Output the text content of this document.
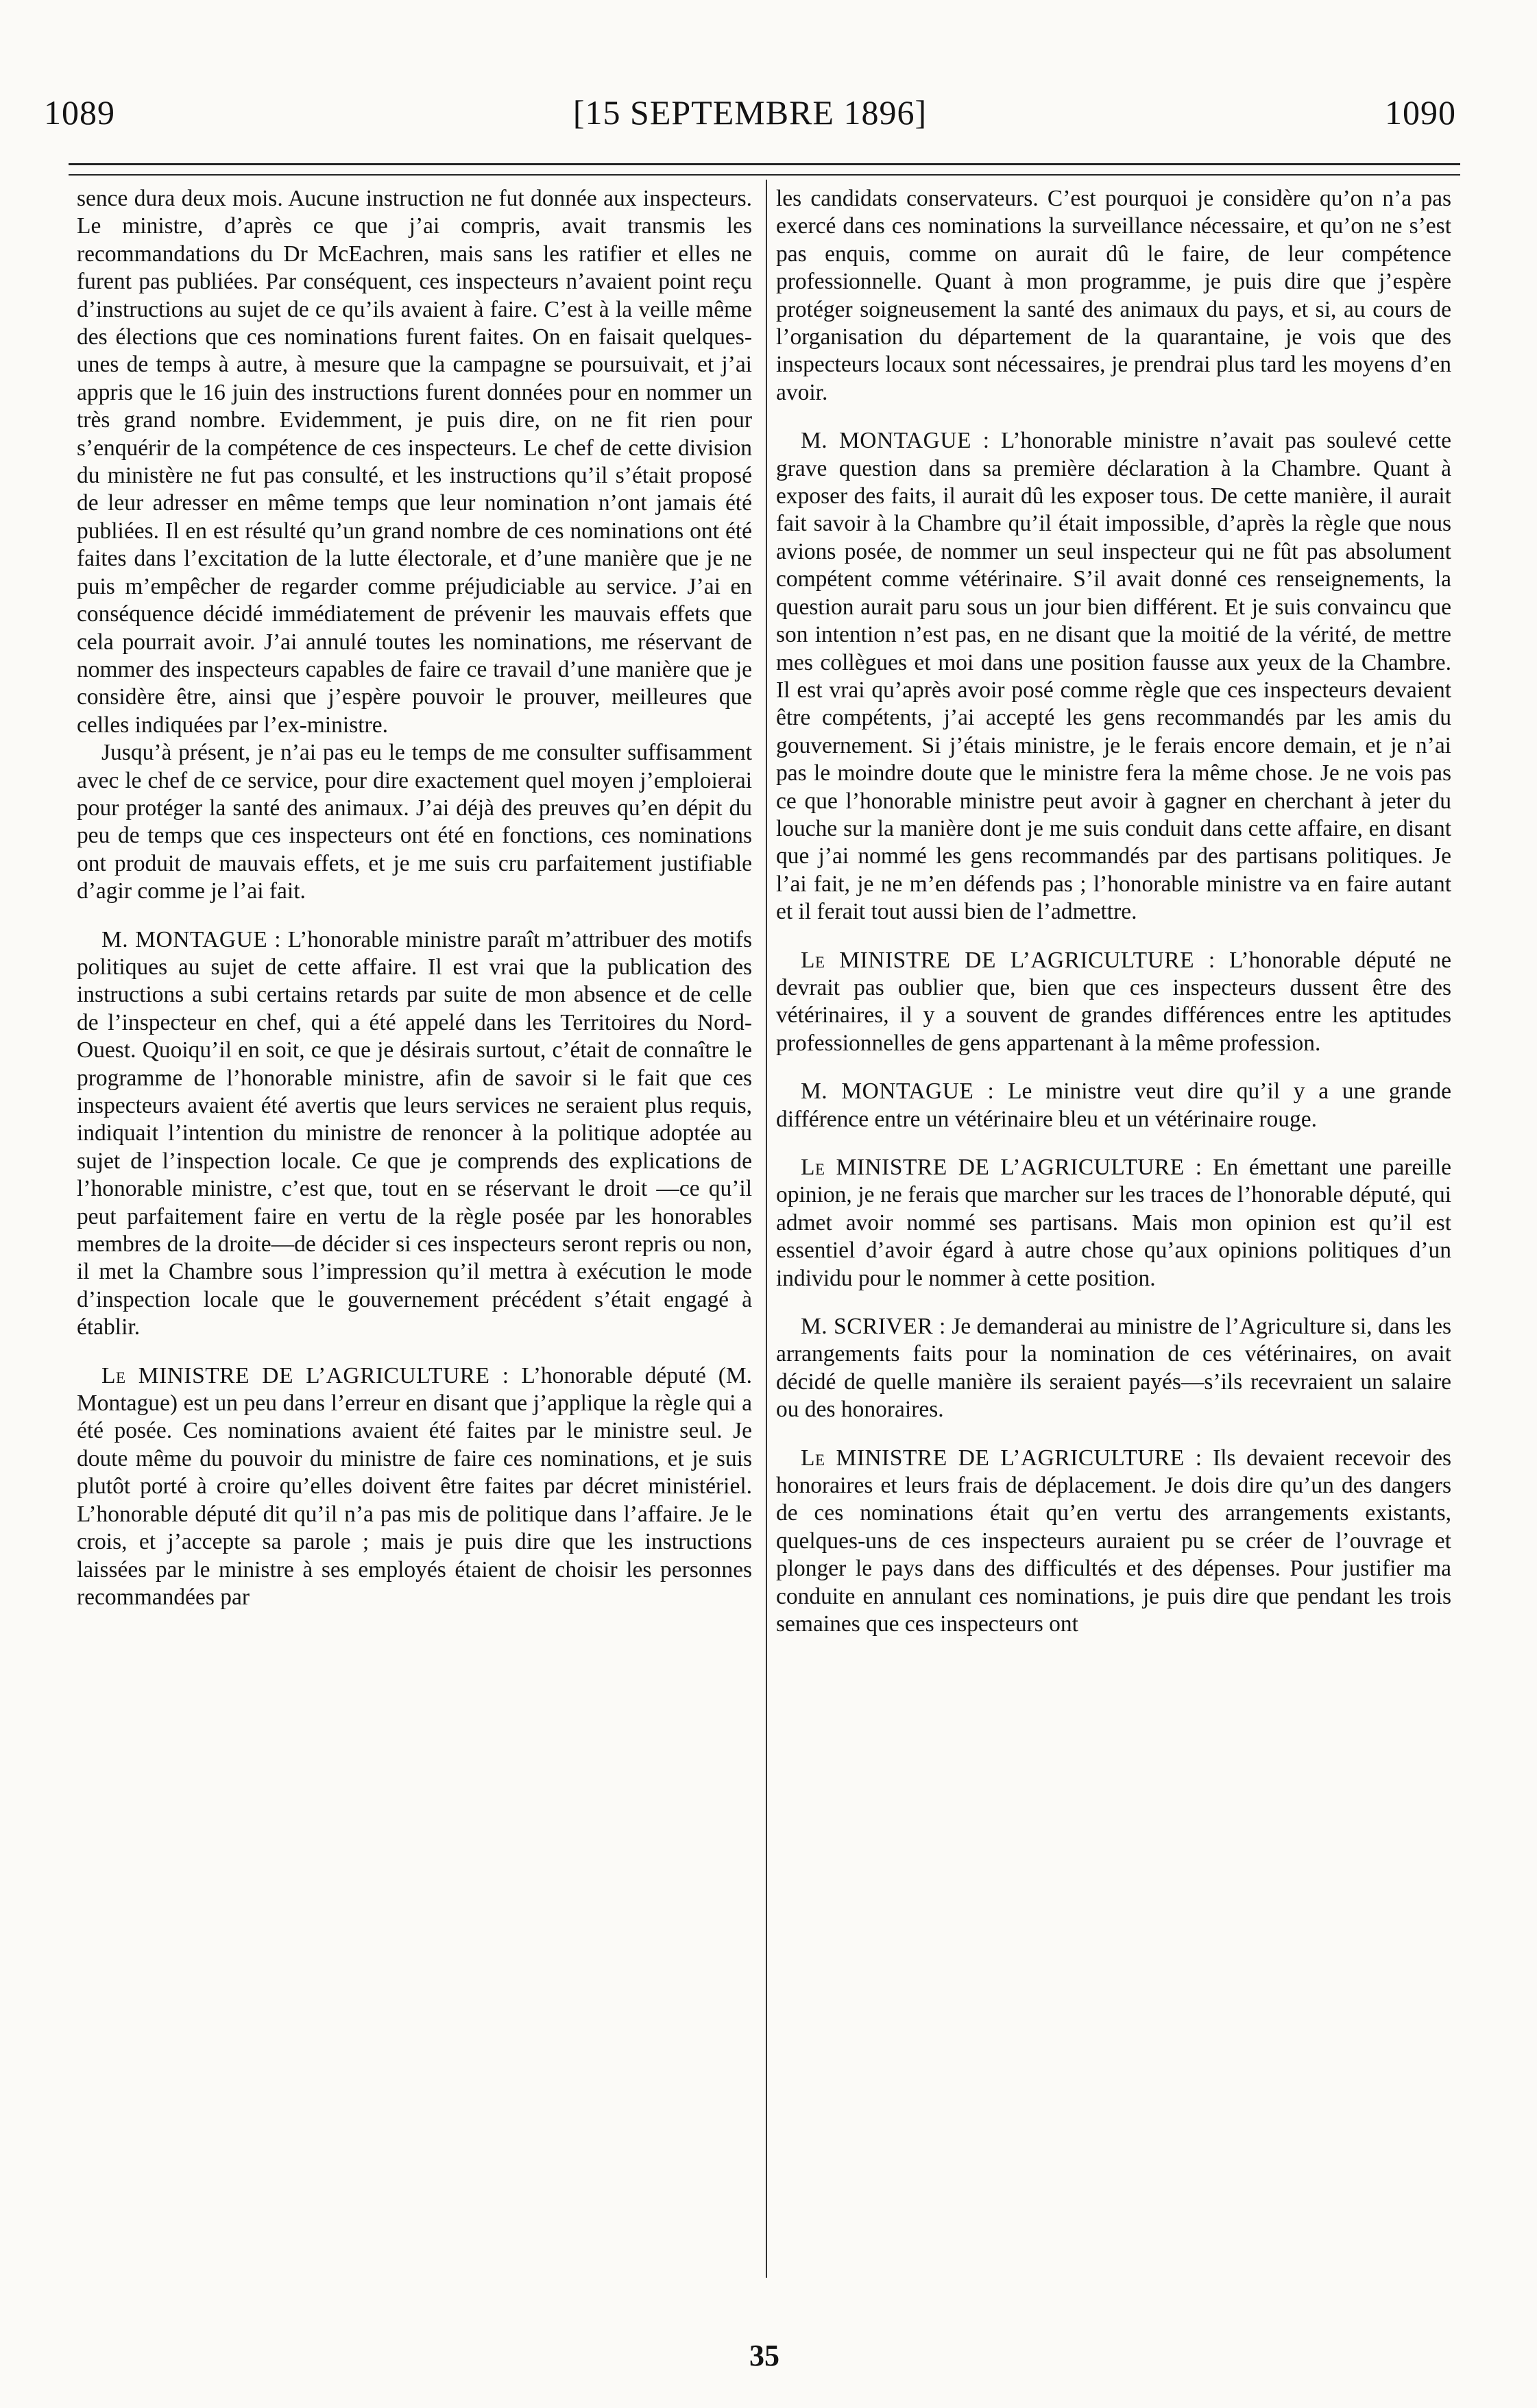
1089	[15 SEPTEMBRE 1896]	1090

sence dura deux mois. Aucune instruction ne fut donnée aux inspecteurs. Le ministre, d’après ce que j’ai compris, avait transmis les recommandations du Dr McEachren, mais sans les ratifier et elles ne furent pas publiées. Par conséquent, ces inspecteurs n’avaient point reçu d’instructions au sujet de ce qu’ils avaient à faire. C’est à la veille même des élections que ces nominations furent faites. On en faisait quelques-unes de temps à autre, à mesure que la campagne se poursuivait, et j’ai appris que le 16 juin des instructions furent données pour en nommer un très grand nombre. Evidemment, je puis dire, on ne fit rien pour s’enquérir de la compétence de ces inspecteurs. Le chef de cette division du ministère ne fut pas consulté, et les instructions qu’il s’était proposé de leur adresser en même temps que leur nomination n’ont jamais été publiées. Il en est résulté qu’un grand nombre de ces nominations ont été faites dans l’excitation de la lutte électorale, et d’une manière que je ne puis m’empêcher de regarder comme préjudiciable au service. J’ai en conséquence décidé immédiatement de prévenir les mauvais effets que cela pourrait avoir. J’ai annulé toutes les nominations, me réservant de nommer des inspecteurs capables de faire ce travail d’une manière que je considère être, ainsi que j’espère pouvoir le prouver, meilleures que celles indiquées par l’ex-ministre.

Jusqu’à présent, je n’ai pas eu le temps de me consulter suffisamment avec le chef de ce service, pour dire exactement quel moyen j’emploierai pour protéger la santé des animaux. J’ai déjà des preuves qu’en dépit du peu de temps que ces inspecteurs ont été en fonctions, ces nominations ont produit de mauvais effets, et je me suis cru parfaitement justifiable d’agir comme je l’ai fait.

M. MONTAGUE : L’honorable ministre paraît m’attribuer des motifs politiques au sujet de cette affaire. Il est vrai que la publication des instructions a subi certains retards par suite de mon absence et de celle de l’inspecteur en chef, qui a été appelé dans les Territoires du Nord-Ouest. Quoiqu’il en soit, ce que je désirais surtout, c’était de connaître le programme de l’honorable ministre, afin de savoir si le fait que ces inspecteurs avaient été avertis que leurs services ne seraient plus requis, indiquait l’intention du ministre de renoncer à la politique adoptée au sujet de l’inspection locale. Ce que je comprends des explications de l’honorable ministre, c’est que, tout en se réservant le droit —ce qu’il peut parfaitement faire en vertu de la règle posée par les honorables membres de la droite—de décider si ces inspecteurs seront repris ou non, il met la Chambre sous l’impression qu’il mettra à exécution le mode d’inspection locale que le gouvernement précédent s’était engagé à établir.

Le MINISTRE DE L’AGRICULTURE : L’honorable député (M. Montague) est un peu dans l’erreur en disant que j’applique la règle qui a été posée. Ces nominations avaient été faites par le ministre seul. Je doute même du pouvoir du ministre de faire ces nominations, et je suis plutôt porté à croire qu’elles doivent être faites par décret ministériel. L’honorable député dit qu’il n’a pas mis de politique dans l’affaire. Je le crois, et j’accepte sa parole ; mais je puis dire que les instructions laissées par le ministre à ses employés étaient de choisir les personnes recommandées par

les candidats conservateurs. C’est pourquoi je considère qu’on n’a pas exercé dans ces nominations la surveillance nécessaire, et qu’on ne s’est pas enquis, comme on aurait dû le faire, de leur compétence professionnelle. Quant à mon programme, je puis dire que j’espère protéger soigneusement la santé des animaux du pays, et si, au cours de l’organisation du département de la quarantaine, je vois que des inspecteurs locaux sont nécessaires, je prendrai plus tard les moyens d’en avoir.

M. MONTAGUE : L’honorable ministre n’avait pas soulevé cette grave question dans sa première déclaration à la Chambre. Quant à exposer des faits, il aurait dû les exposer tous. De cette manière, il aurait fait savoir à la Chambre qu’il était impossible, d’après la règle que nous avions posée, de nommer un seul inspecteur qui ne fût pas absolument compétent comme vétérinaire. S’il avait donné ces renseignements, la question aurait paru sous un jour bien différent. Et je suis convaincu que son intention n’est pas, en ne disant que la moitié de la vérité, de mettre mes collègues et moi dans une position fausse aux yeux de la Chambre. Il est vrai qu’après avoir posé comme règle que ces inspecteurs devaient être compétents, j’ai accepté les gens recommandés par les amis du gouvernement. Si j’étais ministre, je le ferais encore demain, et je n’ai pas le moindre doute que le ministre fera la même chose. Je ne vois pas ce que l’honorable ministre peut avoir à gagner en cherchant à jeter du louche sur la manière dont je me suis conduit dans cette affaire, en disant que j’ai nommé les gens recommandés par des partisans politiques. Je l’ai fait, je ne m’en défends pas ; l’honorable ministre va en faire autant et il ferait tout aussi bien de l’admettre.

Le MINISTRE DE L’AGRICULTURE : L’honorable député ne devrait pas oublier que, bien que ces inspecteurs dussent être des vétérinaires, il y a souvent de grandes différences entre les aptitudes professionnelles de gens appartenant à la même profession.

M. MONTAGUE : Le ministre veut dire qu’il y a une grande différence entre un vétérinaire bleu et un vétérinaire rouge.

Le MINISTRE DE L’AGRICULTURE : En émettant une pareille opinion, je ne ferais que marcher sur les traces de l’honorable député, qui admet avoir nommé ses partisans. Mais mon opinion est qu’il est essentiel d’avoir égard à autre chose qu’aux opinions politiques d’un individu pour le nommer à cette position.

M. SCRIVER : Je demanderai au ministre de l’Agriculture si, dans les arrangements faits pour la nomination de ces vétérinaires, on avait décidé de quelle manière ils seraient payés—s’ils recevraient un salaire ou des honoraires.

Le MINISTRE DE L’AGRICULTURE : Ils devaient recevoir des honoraires et leurs frais de déplacement. Je dois dire qu’un des dangers de ces nominations était qu’en vertu des arrangements existants, quelques-uns de ces inspecteurs auraient pu se créer de l’ouvrage et plonger le pays dans des difficultés et des dépenses. Pour justifier ma conduite en annulant ces nominations, je puis dire que pendant les trois semaines que ces inspecteurs ont

35
